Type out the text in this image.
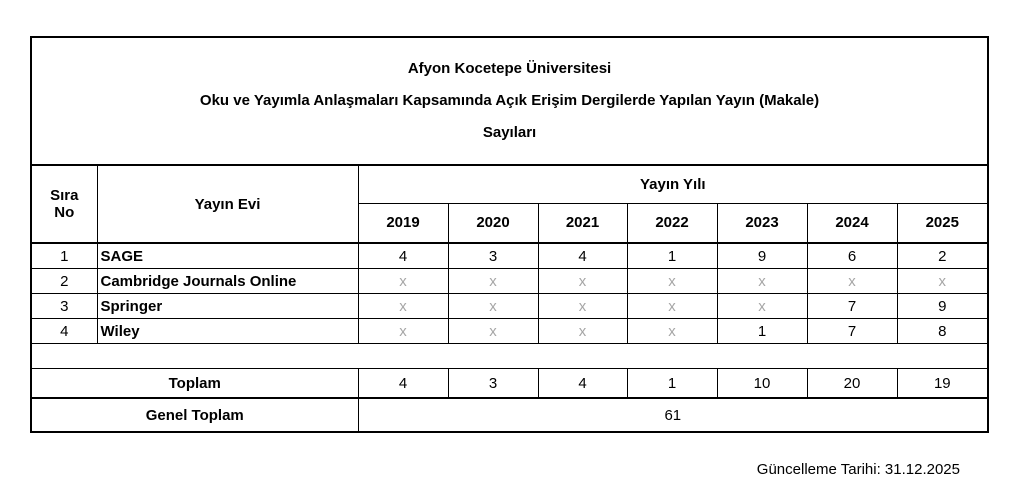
Afyon Kocetepe Üniversitesi
Oku ve Yayımla Anlaşmaları Kapsamında Açık Erişim Dergilerde Yapılan Yayın (Makale)
Sayıları								

Sıra
No	Yayın Evi	Yayın Yılı						
		2019	2020	2021	2022	2023	2024	2025
1	SAGE	4	3	4	1	9	6	2
2	Cambridge Journals Online	x	x	x	x	x	x	x
3	Springer	x	x	x	x	x	7	9
4	Wiley	x	x	x	x	1	7	8

Toplam		4	3	4	1	10	20	19
Genel Toplam		61						
Güncelleme Tarihi: 31.12.2025
